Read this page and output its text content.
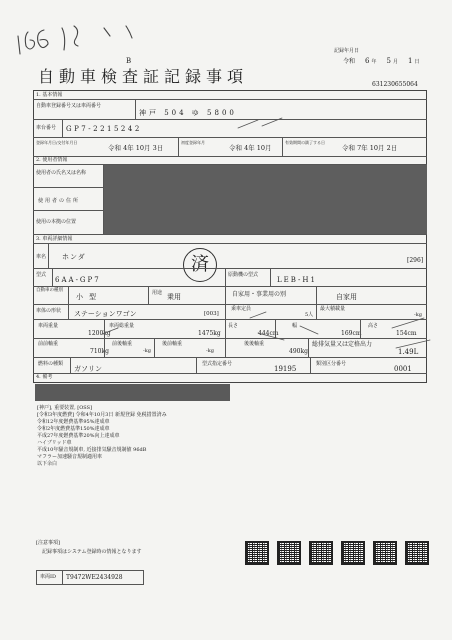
B
自動車検査証記録事項
記録年月日
令和 6 年 5 月 1 日
631230655064
1. 基本情報
自動車登録番号又は車両番号
神戸 504 ゆ 5800
車台番号 GP7-2215242
登録年月日/交付年月日
令和 4年 10月 3日
初度登録年月
令和 4年 10月
有効期間の満了する日
令和 7年 10月 2日
2. 使用者情報
使用者の氏名又は名称
使用者の住所
使用の本拠の位置
3. 車両詳細情報
車名 ホンダ	[296]
済
型式
6AA-GP7
原動機の型式
LEB-H1
自動車の種別
小型	用途 乗用	自家用・事業用の別	自家用
車体の形状 ステーションワゴン	[003]
乗車定員
5人
最大積載量
-kg
車両重量
1200kg
車両総重量
1475kg
長さ
444cm
幅
169cm
高さ
154cm
前前軸重
710kg
前後軸重
-kg
後前軸重
-kg
後後軸重
490kg
総排気量又は定格出力
1.49L
燃料の種類
ガソリン
型式指定番号
19195
類別区分番号
0001
4. 備考
[神戸], 重要装置, [OSS]
[令和3年度燃費] 令和4年10月3日 新規登録 免税措置済み
令和12年度燃費基準95%達成車
令和2年度燃費基準150%達成車
平成27年度燃費基準20%向上達成車
ハイブリッド車
平成10年騒音規制車, 近接排気騒音規制値 96dB
マフラー加速騒音規制適用車
以下余白
[注意事項]
記録事項はシステム登録時の情報となります
車両ID T9472WE2434928
